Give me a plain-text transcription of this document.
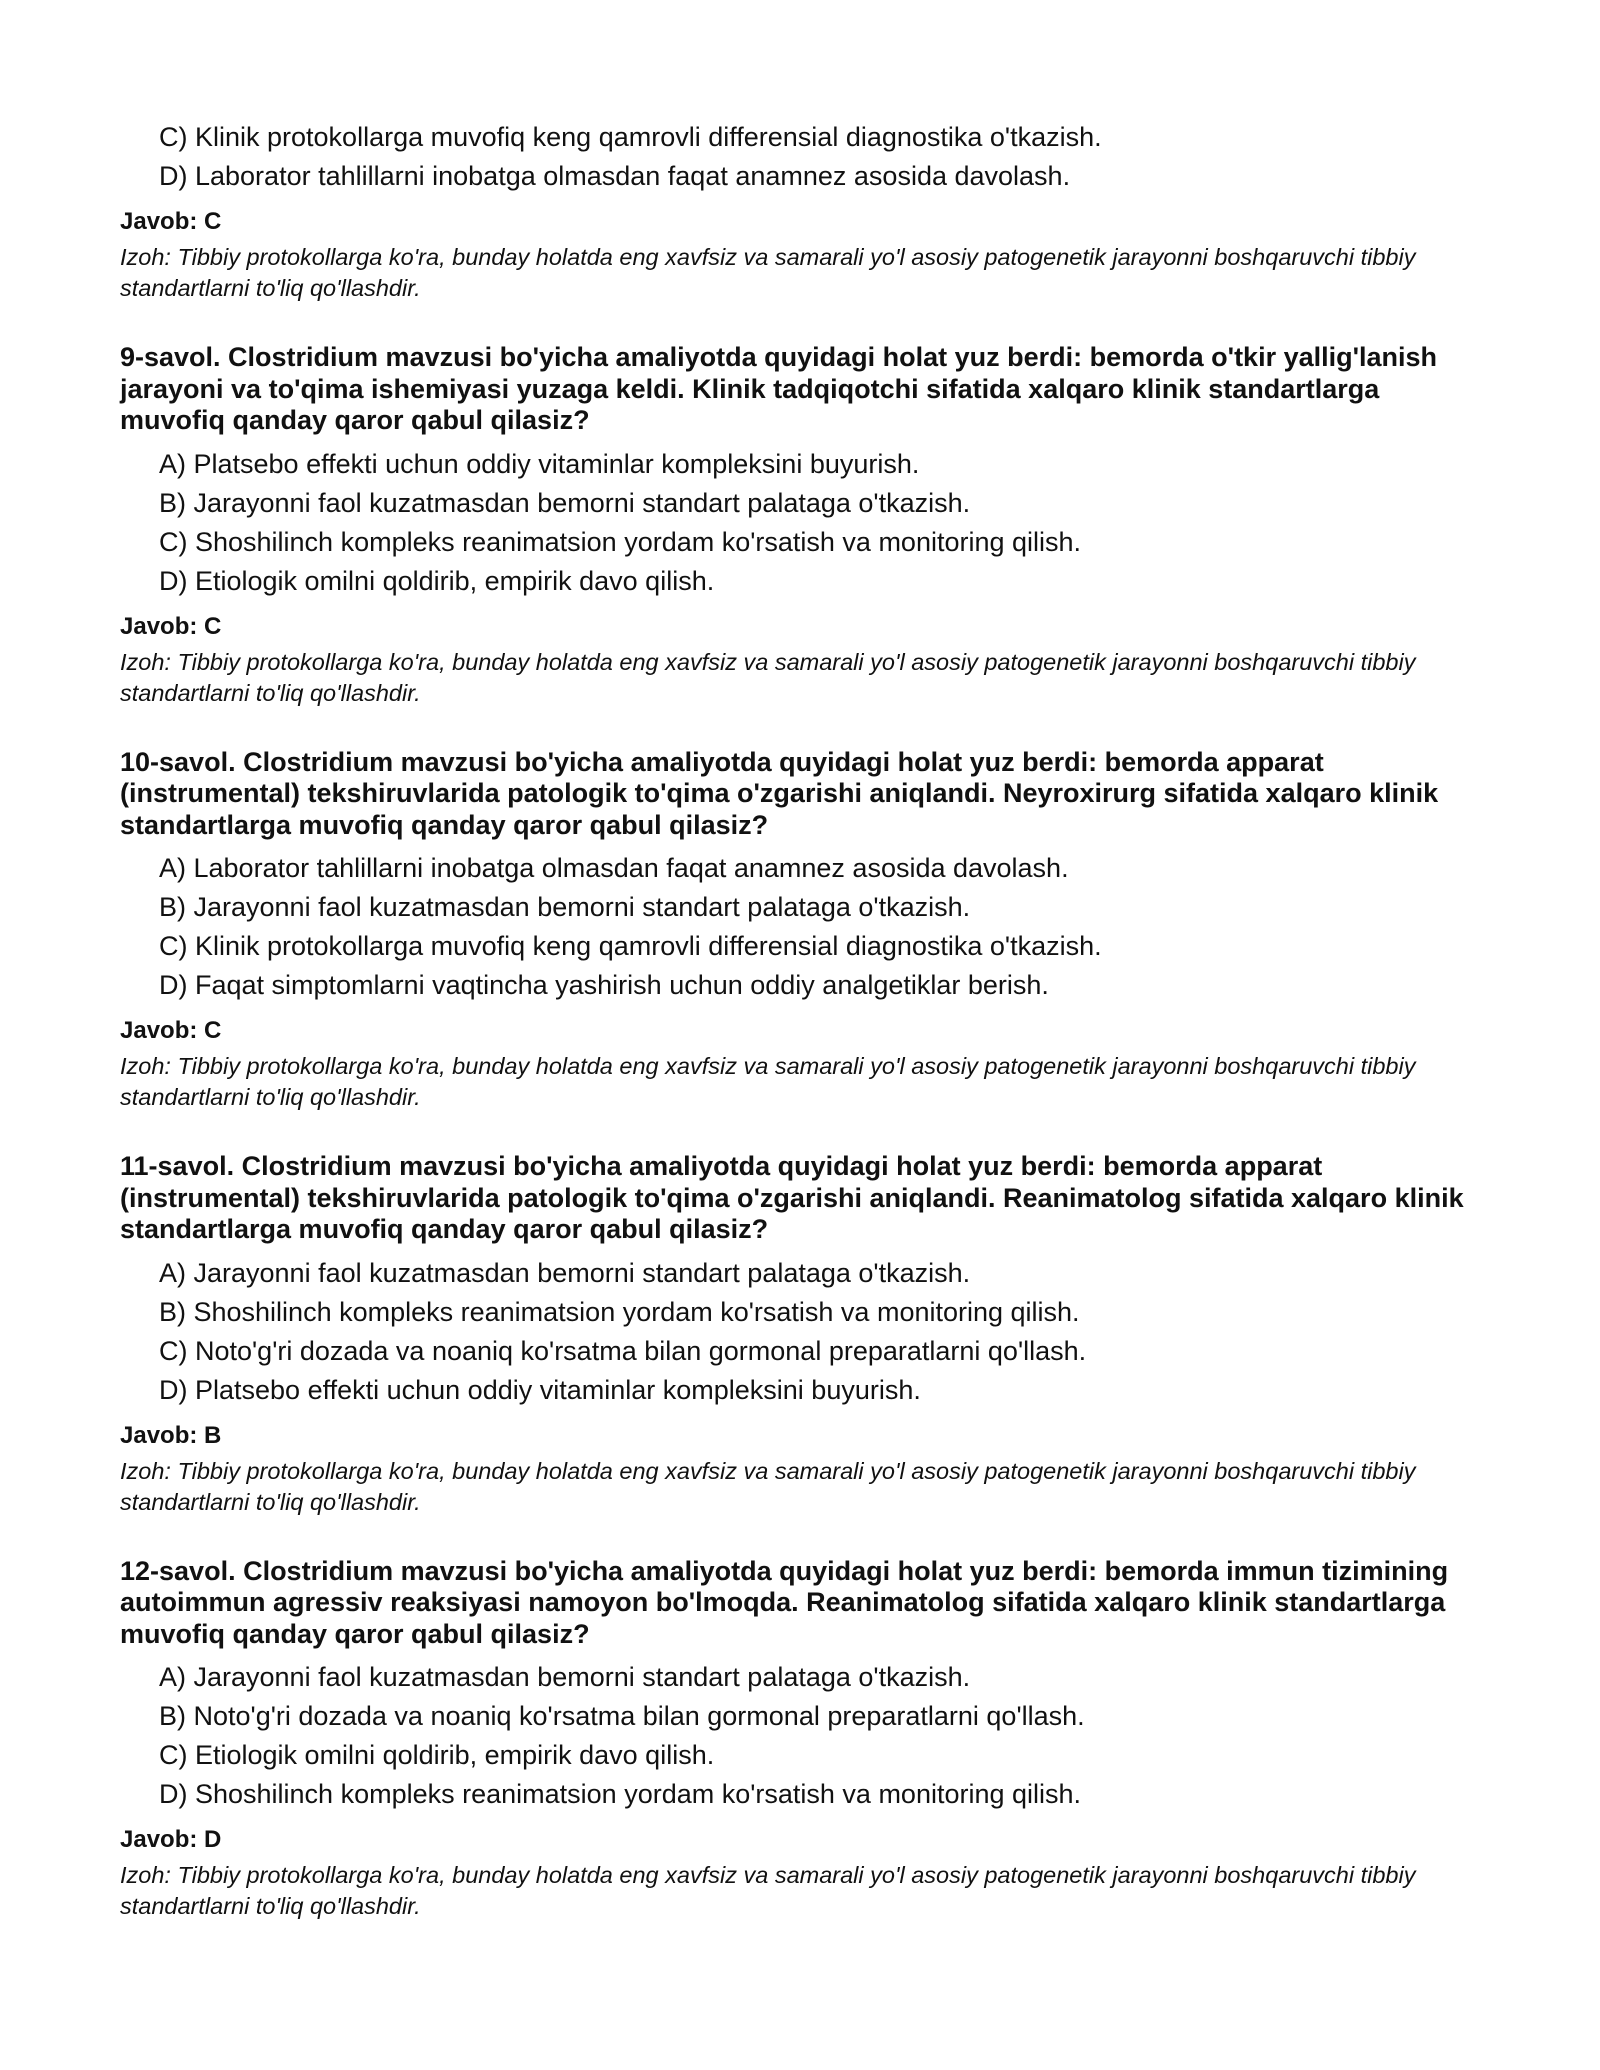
C) Klinik protokollarga muvofiq keng qamrovli differensial diagnostika o'tkazish.
D) Laborator tahlillarni inobatga olmasdan faqat anamnez asosida davolash.
Javob: C
Izoh: Tibbiy protokollarga ko'ra, bunday holatda eng xavfsiz va samarali yo'l asosiy patogenetik jarayonni boshqaruvchi tibbiy standartlarni to'liq qo'llashdir.
9-savol. Clostridium mavzusi bo'yicha amaliyotda quyidagi holat yuz berdi: bemorda o'tkir yallig'lanish jarayoni va to'qima ishemiyasi yuzaga keldi. Klinik tadqiqotchi sifatida xalqaro klinik standartlarga muvofiq qanday qaror qabul qilasiz?
A) Platsebo effekti uchun oddiy vitaminlar kompleksini buyurish.
B) Jarayonni faol kuzatmasdan bemorni standart palataga o'tkazish.
C) Shoshilinch kompleks reanimatsion yordam ko'rsatish va monitoring qilish.
D) Etiologik omilni qoldirib, empirik davo qilish.
Javob: C
Izoh: Tibbiy protokollarga ko'ra, bunday holatda eng xavfsiz va samarali yo'l asosiy patogenetik jarayonni boshqaruvchi tibbiy standartlarni to'liq qo'llashdir.
10-savol. Clostridium mavzusi bo'yicha amaliyotda quyidagi holat yuz berdi: bemorda apparat (instrumental) tekshiruvlarida patologik to'qima o'zgarishi aniqlandi. Neyroxirurg sifatida xalqaro klinik standartlarga muvofiq qanday qaror qabul qilasiz?
A) Laborator tahlillarni inobatga olmasdan faqat anamnez asosida davolash.
B) Jarayonni faol kuzatmasdan bemorni standart palataga o'tkazish.
C) Klinik protokollarga muvofiq keng qamrovli differensial diagnostika o'tkazish.
D) Faqat simptomlarni vaqtincha yashirish uchun oddiy analgetiklar berish.
Javob: C
Izoh: Tibbiy protokollarga ko'ra, bunday holatda eng xavfsiz va samarali yo'l asosiy patogenetik jarayonni boshqaruvchi tibbiy standartlarni to'liq qo'llashdir.
11-savol. Clostridium mavzusi bo'yicha amaliyotda quyidagi holat yuz berdi: bemorda apparat (instrumental) tekshiruvlarida patologik to'qima o'zgarishi aniqlandi. Reanimatolog sifatida xalqaro klinik standartlarga muvofiq qanday qaror qabul qilasiz?
A) Jarayonni faol kuzatmasdan bemorni standart palataga o'tkazish.
B) Shoshilinch kompleks reanimatsion yordam ko'rsatish va monitoring qilish.
C) Noto'g'ri dozada va noaniq ko'rsatma bilan gormonal preparatlarni qo'llash.
D) Platsebo effekti uchun oddiy vitaminlar kompleksini buyurish.
Javob: B
Izoh: Tibbiy protokollarga ko'ra, bunday holatda eng xavfsiz va samarali yo'l asosiy patogenetik jarayonni boshqaruvchi tibbiy standartlarni to'liq qo'llashdir.
12-savol. Clostridium mavzusi bo'yicha amaliyotda quyidagi holat yuz berdi: bemorda immun tizimining autoimmun agressiv reaksiyasi namoyon bo'lmoqda. Reanimatolog sifatida xalqaro klinik standartlarga muvofiq qanday qaror qabul qilasiz?
A) Jarayonni faol kuzatmasdan bemorni standart palataga o'tkazish.
B) Noto'g'ri dozada va noaniq ko'rsatma bilan gormonal preparatlarni qo'llash.
C) Etiologik omilni qoldirib, empirik davo qilish.
D) Shoshilinch kompleks reanimatsion yordam ko'rsatish va monitoring qilish.
Javob: D
Izoh: Tibbiy protokollarga ko'ra, bunday holatda eng xavfsiz va samarali yo'l asosiy patogenetik jarayonni boshqaruvchi tibbiy standartlarni to'liq qo'llashdir.
